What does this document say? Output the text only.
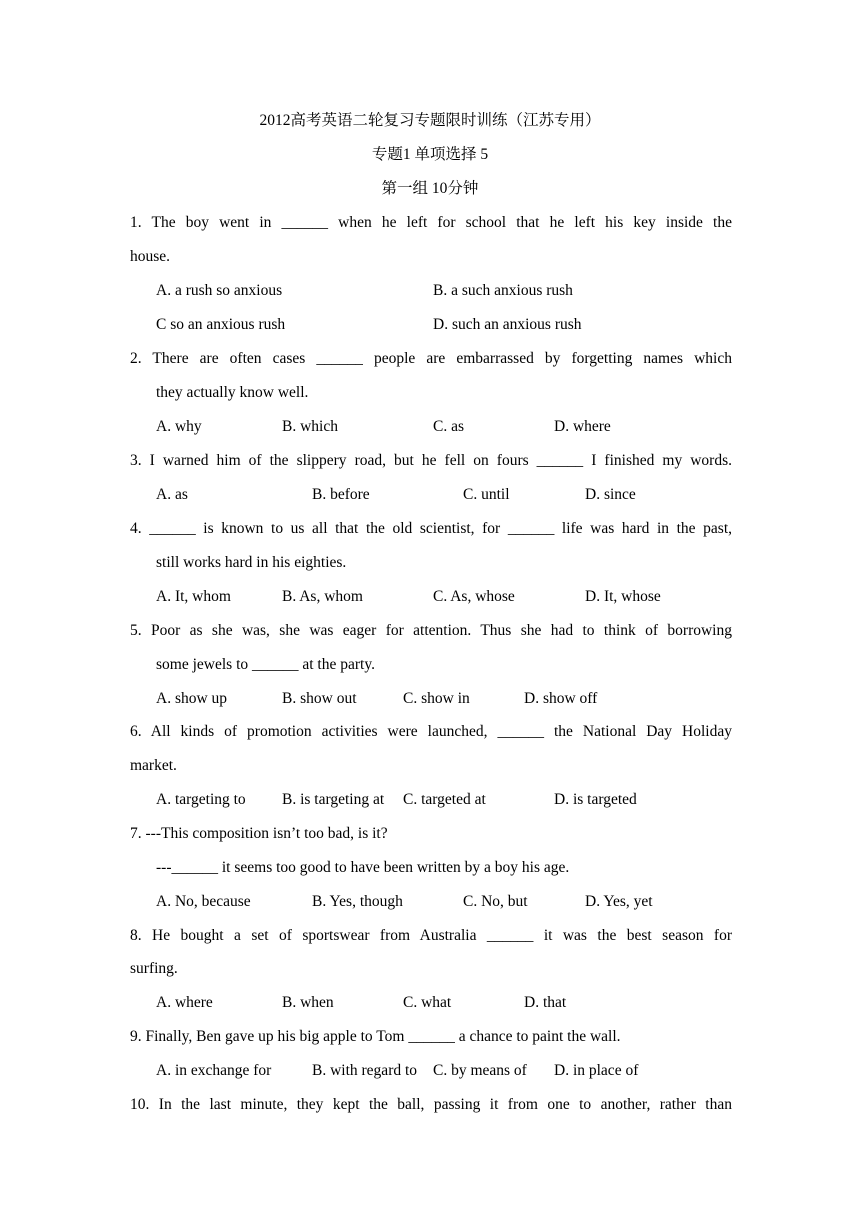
2012高考英语二轮复习专题限时训练（江苏专用）
专题1 单项选择 5
第一组 10分钟
1. The boy went in ______ when he left for school that he left his key inside the
house.
A. a rush so anxious	B. a such anxious rush
C so an anxious rush	D. such an anxious rush
2. There are often cases ______ people are embarrassed by forgetting names which
they actually know well.
A. why	B. which	C. as	D. where
3. I warned him of the slippery road, but he fell on fours ______ I finished my words.
A. as	B. before	C. until	D. since
4. ______ is known to us all that the old scientist, for ______ life was hard in the past,
still works hard in his eighties.
A. It, whom	B. As, whom	C. As, whose	D. It, whose
5. Poor as she was, she was eager for attention. Thus she had to think of borrowing
some jewels to ______ at the party.
A. show up	B. show out	C. show in	D. show off
6. All kinds of promotion activities were launched, ______ the National Day Holiday
market.
A. targeting to B. is targeting at C. targeted at	D. is targeted
7. ---This composition isn’t too bad, is it?
---______ it seems too good to have been written by a boy his age.
A. No, because	B. Yes, though	C. No, but	D. Yes, yet
8. He bought a set of sportswear from Australia ______ it was the best season for
surfing.
A. where	B. when	C. what	D. that
9. Finally, Ben gave up his big apple to Tom ______ a chance to paint the wall.
A. in exchange for	B. with regard to C. by means of D. in place of
10. In the last minute, they kept the ball, passing it from one to another, rather than
